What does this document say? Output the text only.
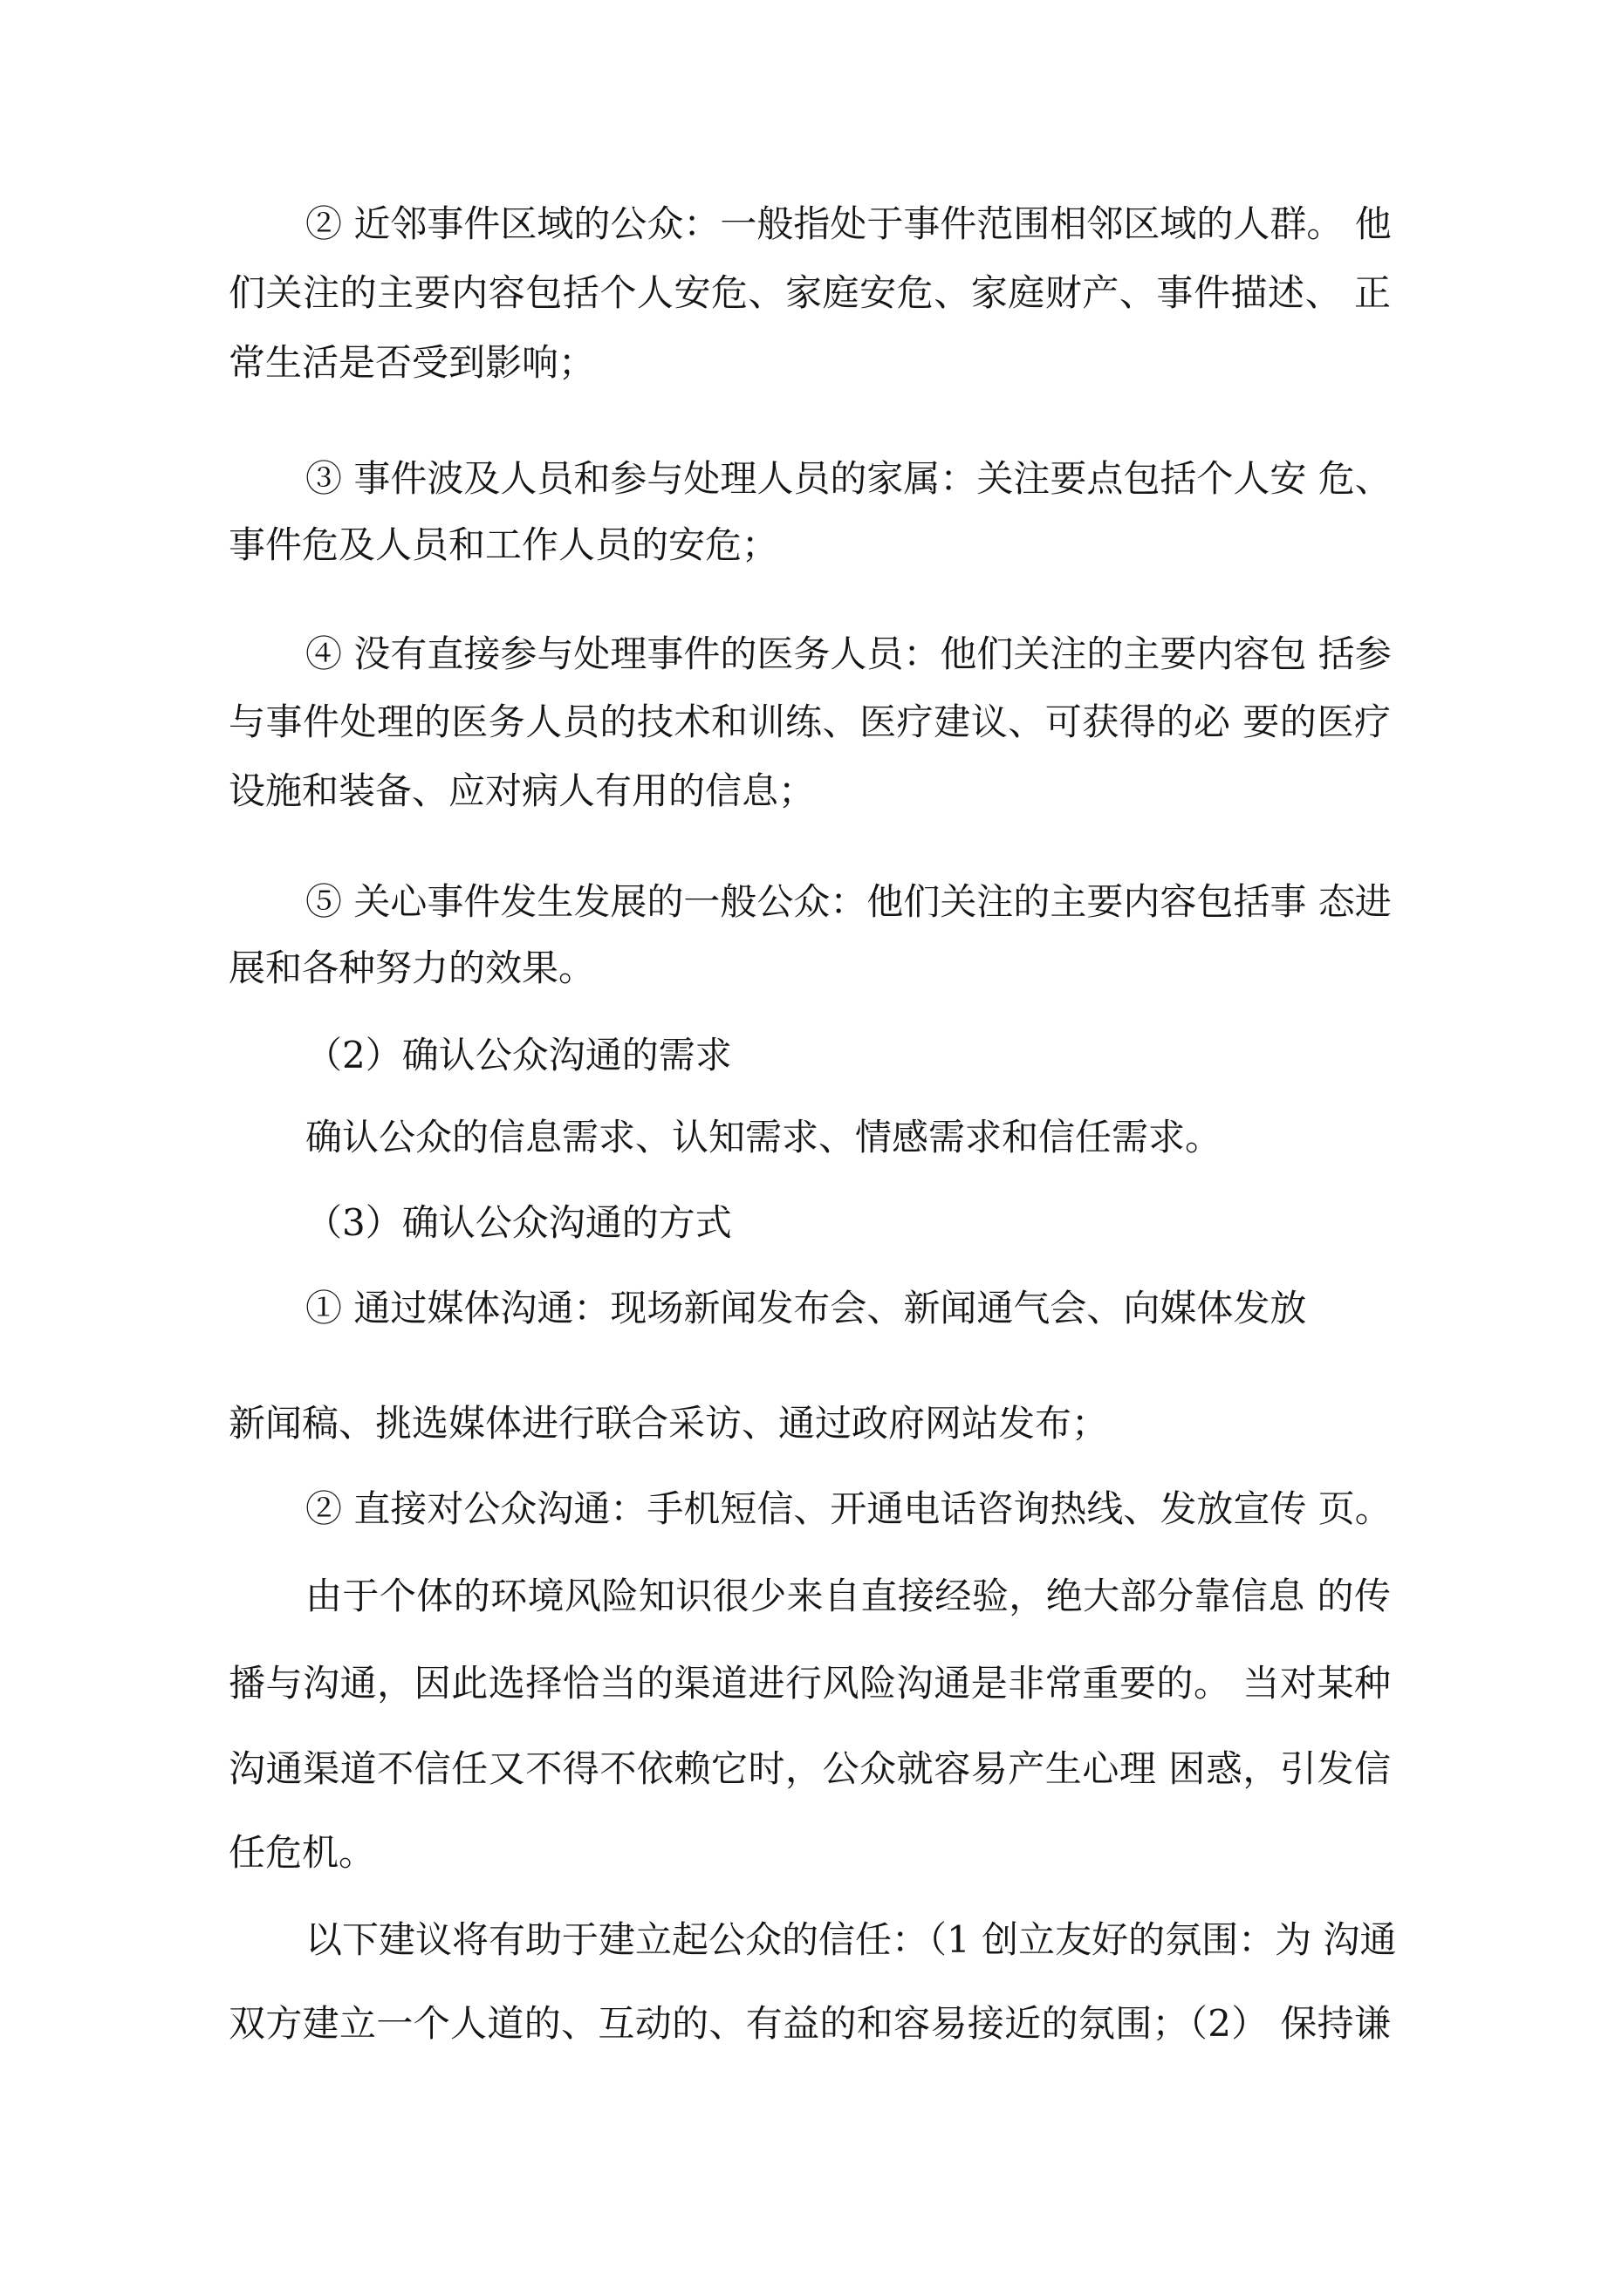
② 近邻事件区域的公众：一般指处于事件范围相邻区域的人群。 他
们关注的主要内容包括个人安危、家庭安危、家庭财产、事件描述、 正
常生活是否受到影响；
③ 事件波及人员和参与处理人员的家属：关注要点包括个人安 危、
事件危及人员和工作人员的安危；
④ 没有直接参与处理事件的医务人员：他们关注的主要内容包 括参
与事件处理的医务人员的技术和训练、医疗建议、可获得的必 要的医疗
设施和装备、应对病人有用的信息；
⑤ 关心事件发生发展的一般公众：他们关注的主要内容包括事 态进
展和各种努力的效果。
（2）确认公众沟通的需求
确认公众的信息需求、认知需求、情感需求和信任需求。
（3）确认公众沟通的方式
① 通过媒体沟通：现场新闻发布会、新闻通气会、向媒体发放
新闻稿、挑选媒体进行联合采访、通过政府网站发布；
② 直接对公众沟通：手机短信、开通电话咨询热线、发放宣传 页。
由于个体的环境风险知识很少来自直接经验，绝大部分靠信息 的传
播与沟通，因此选择恰当的渠道进行风险沟通是非常重要的。 当对某种
沟通渠道不信任又不得不依赖它时，公众就容易产生心理 困惑，引发信
任危机。
以下建议将有助于建立起公众的信任：（1 创立友好的氛围：为 沟通
双方建立一个人道的、互动的、有益的和容易接近的氛围；（2） 保持谦
